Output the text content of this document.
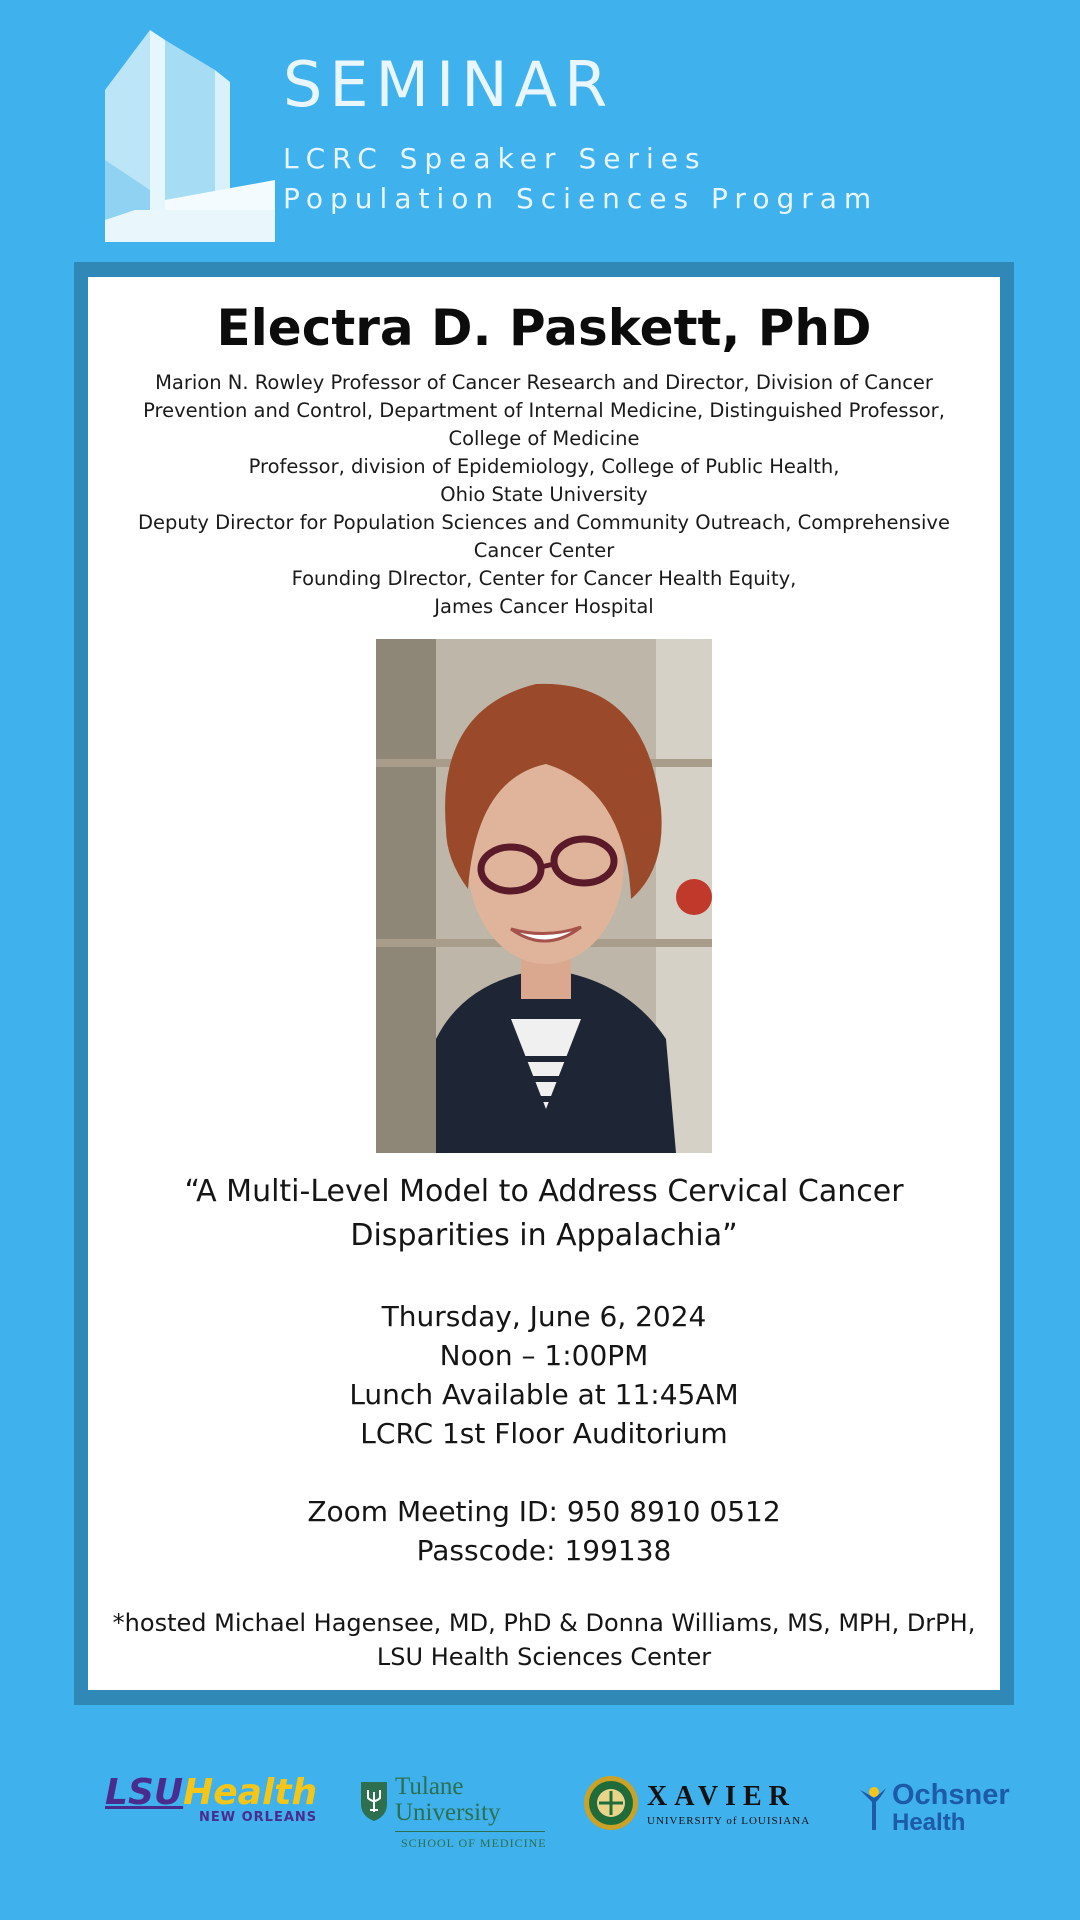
SEMINAR
LCRC Speaker Series
Population Sciences Program
Electra D. Paskett, PhD
Marion N. Rowley Professor of Cancer Research and Director, Division of Cancer
Prevention and Control, Department of Internal Medicine, Distinguished Professor,
College of Medicine
Professor, division of Epidemiology, College of Public Health,
Ohio State University
Deputy Director for Population Sciences and Community Outreach, Comprehensive
Cancer Center
Founding DIrector, Center for Cancer Health Equity,
James Cancer Hospital
“A Multi-Level Model to Address Cervical Cancer
Disparities in Appalachia”
Thursday, June 6, 2024
Noon – 1:00PM
Lunch Available at 11:45AM
LCRC 1st Floor Auditorium
Zoom Meeting ID: 950 8910 0512
Passcode: 199138
*hosted Michael Hagensee, MD, PhD & Donna Williams, MS, MPH, DrPH,
LSU Health Sciences Center
LSUHealth
NEW ORLEANS
Tulane
University
SCHOOL OF MEDICINE
XAVIER
UNIVERSITY of LOUISIANA
Ochsner
Health
